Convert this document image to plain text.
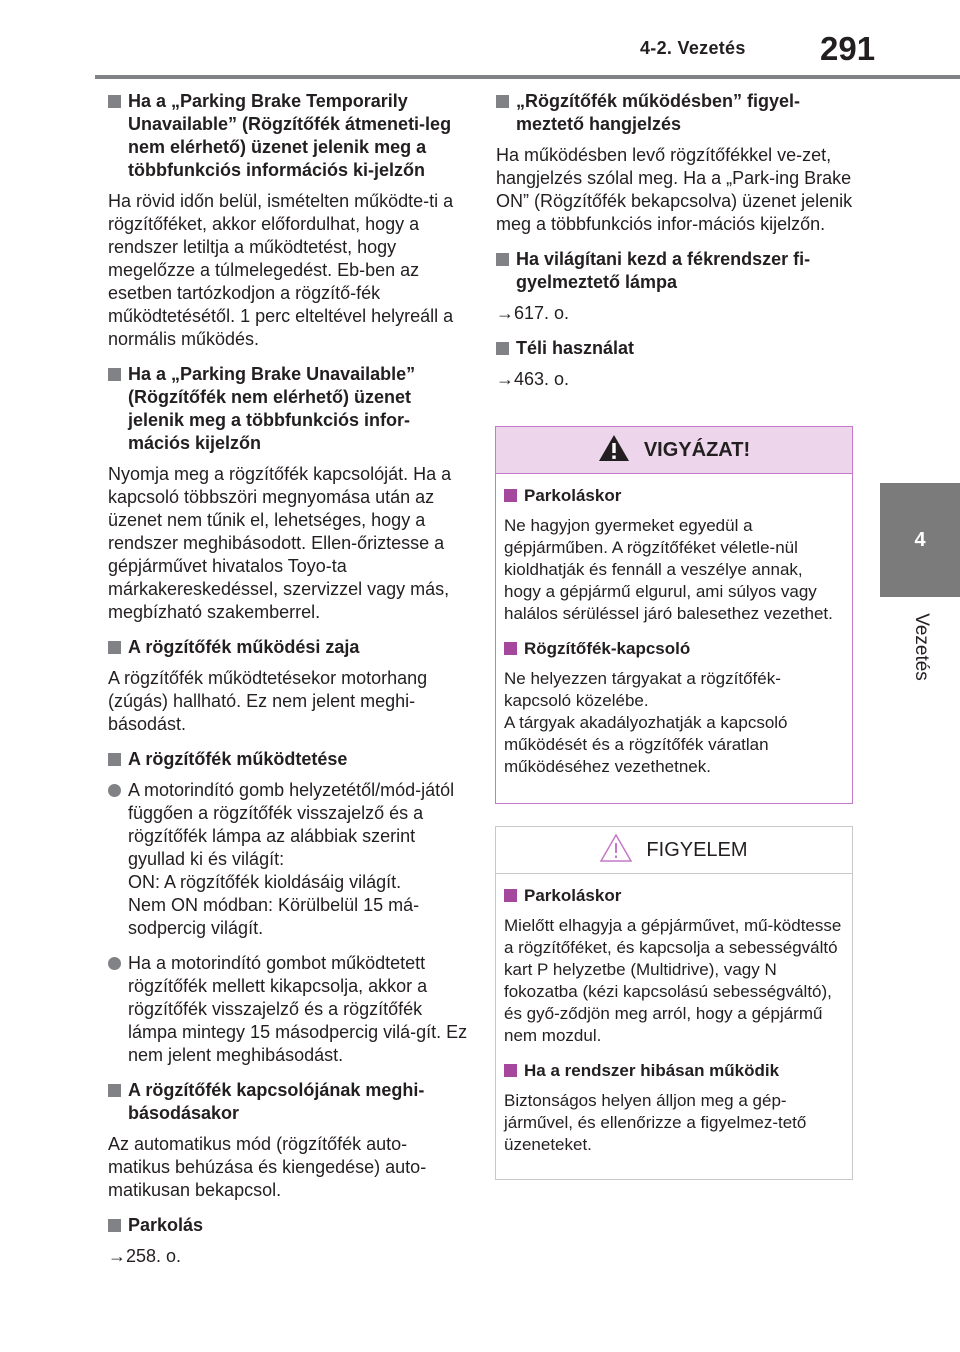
4-2. Vezetés 291
4
Vezetés
Ha a „Parking Brake Temporarily Unavailable” (Rögzítőfék átmeneti-leg nem elérhető) üzenet jelenik meg a többfunkciós információs ki-jelzőn
Ha rövid időn belül, ismételten működte-ti a rögzítőféket, akkor előfordulhat, hogy a rendszer letiltja a működtetést, hogy megelőzze a túlmelegedést. Eb-ben az esetben tartózkodjon a rögzítő-fék működtetésétől. 1 perc elteltével helyreáll a normális működés.
Ha a „Parking Brake Unavailable” (Rögzítőfék nem elérhető) üzenet jelenik meg a többfunkciós infor-mációs kijelzőn
Nyomja meg a rögzítőfék kapcsolóját. Ha a kapcsoló többszöri megnyomása után az üzenet nem tűnik el, lehetséges, hogy a rendszer meghibásodott. Ellen-őriztesse a gépjárművet hivatalos Toyo-ta márkakereskedéssel, szervizzel vagy más, megbízható szakemberrel.
A rögzítőfék működési zaja
A rögzítőfék működtetésekor motorhang (zúgás) hallható. Ez nem jelent meghi-básodást.
A rögzítőfék működtetése
A motorindító gomb helyzetétől/mód-jától függően a rögzítőfék visszajelző és a rögzítőfék lámpa az alábbiak szerint gyullad ki és világít:
ON: A rögzítőfék kioldásáig világít.
Nem ON módban: Körülbelül 15 má-sodpercig világít.
Ha a motorindító gombot működtetett rögzítőfék mellett kikapcsolja, akkor a rögzítőfék visszajelző és a rögzítőfék lámpa mintegy 15 másodpercig vilá-gít. Ez nem jelent meghibásodást.
A rögzítőfék kapcsolójának meghi-básodásakor
Az automatikus mód (rögzítőfék auto-matikus behúzása és kiengedése) auto-matikusan bekapcsol.
Parkolás
→258. o.
„Rögzítőfék működésben” figyel-meztető hangjelzés
Ha működésben levő rögzítőfékkel ve-zet, hangjelzés szólal meg. Ha a „Park-ing Brake ON” (Rögzítőfék bekapcsolva) üzenet jelenik meg a többfunkciós infor-mációs kijelzőn.
Ha világítani kezd a fékrendszer fi-gyelmeztető lámpa
→617. o.
Téli használat
→463. o.
VIGYÁZAT!
Parkoláskor
Ne hagyjon gyermeket egyedül a gépjárműben. A rögzítőféket véletle-nül kioldhatják és fennáll a veszélye annak, hogy a gépjármű elgurul, ami súlyos vagy halálos sérüléssel járó balesethez vezethet.
Rögzítőfék-kapcsoló
Ne helyezzen tárgyakat a rögzítőfék-kapcsoló közelébe.
A tárgyak akadályozhatják a kapcsoló működését és a rögzítőfék váratlan működéséhez vezethetnek.
FIGYELEM
Parkoláskor
Mielőtt elhagyja a gépjárművet, mű-ködtesse a rögzítőféket, és kapcsolja a sebességváltó kart P helyzetbe (Multidrive), vagy N fokozatba (kézi kapcsolású sebességváltó), és győ-ződjön meg arról, hogy a gépjármű nem mozdul.
Ha a rendszer hibásan működik
Biztonságos helyen álljon meg a gép-járművel, és ellenőrizze a figyelmez-tető üzeneteket.
